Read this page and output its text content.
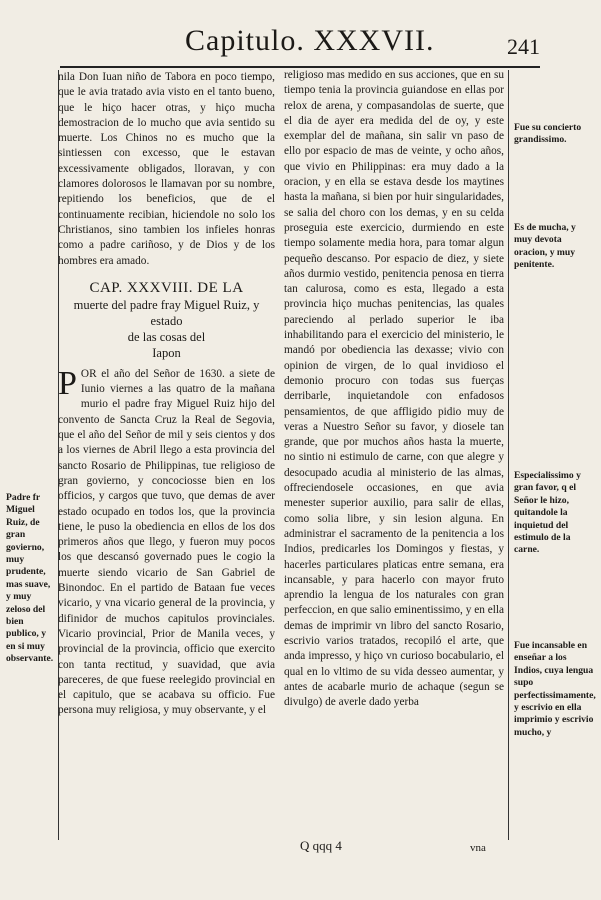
Capitulo. XXXVII.	241

nila Don Iuan niño de Tabora en poco tiempo, que le avia tratado avia visto en el tanto bueno, que le hiço hacer otras, y hiço mucha demostracion de lo mucho que avia sentido su muerte. Los Chinos no es mucho que la sintiessen con excesso, que le estavan excessivamente obligados, lloravan, y con clamores dolorosos le llamavan por su nombre, repitiendo los beneficios, que de el continuamente recibian, hiciendole no solo los Christianos, sino tambien los infieles honras como a padre cariñoso, y de Dios y de los hombres era amado.

CAP. XXXVIII. DE LA
muerte del padre fray Miguel Ruiz, y estado
de las cosas del
Iapon

POR el año del Señor de 1630. a siete de Iunio viernes a las quatro de la mañana murio el padre fray Miguel Ruiz hijo del convento de Sancta Cruz la Real de Segovia, que el año del Señor de mil y seis cientos y dos a los viernes de Abril llego a esta provincia del sancto Rosario de Philippinas, tue religioso de gran govierno, y concociosse bien en los officios, y cargos que tuvo, que demas de aver estado ocupado en todos los, que la provincia tiene, le puso la obediencia en ellos de los dos primeros años que llego, y fueron muy pocos los que descansó governado pues le cogio la muerte siendo vicario de San Gabriel de Binondoc. En el partido de Bataan fue veces vicario, y vna vicario general de la provincia, y difinidor de muchos capitulos provinciales. Vicario provincial, Prior de Manila veces, y provincial de la provincia, officio que exercito con tanta rectitud, y suavidad, que avia pareceres, de que fuese reelegido provincial en el capitulo, que se acabava su officio. Fue persona muy religiosa, y muy observante, y el

religioso mas medido en sus acciones, que en su tiempo tenia la provincia guiandose en ellas por relox de arena, y compasandolas de suerte, que el dia de ayer era medida del de oy, y este exemplar del de mañana, sin salir vn paso de ello por espacio de mas de veinte, y ocho años, que vivio en Philippinas: era muy dado a la oracion, y en ella se estava desde los maytines hasta la mañana, si bien por huir singularidades, se salia del choro con los demas, y en su celda proseguia este exercicio, durmiendo en este tiempo solamente media hora, para tomar algun pequeño descanso. Por espacio de diez, y siete años durmio vestido, penitencia penosa en tierra tan calurosa, como es esta, llegado a esta provincia hiço muchas penitencias, las quales pareciendo al perlado superior le iba inhabilitando para el exercicio del ministerio, le mandó por obediencia las dexasse; vivio con opinion de virgen, de lo qual invidioso el demonio procuro con todas sus fuerças derribarle, inquietandole con enfadosos pensamientos, de que affligido pidio muy de veras a Nuestro Señor su favor, y diosele tan grande, que por muchos años hasta la muerte, no sintio ni estimulo de carne, con que alegre y desocupado acudia al ministerio de las almas, offreciendosele occasiones, en que avia menester superior auxilio, para salir de ellas, como solia libre, y sin lesion alguna. En administrar el sacramento de la penitencia a los Indios, predicarles los Domingos y fiestas, y hacerles particulares platicas entre semana, era incansable, y para hacerlo con mayor fruto aprendio la lengua de los naturales con gran perfeccion, en que salio eminentissimo, y en ella demas de imprimir vn libro del sancto Rosario, escrivio varios tratados, recopiló el arte, que anda impresso, y hiço vn curioso bocabulario, el qual en lo vltimo de su vida desseo aumentar, y antes de acabarle murio de achaque (segun se divulgo) de averle dado yerba

Padre fr Miguel Ruiz, de gran govierno, muy prudente, mas suave, y muy zeloso del bien publico, y en si muy observante.
Fue su concierto grandissimo.
Es de mucha, y muy devota oracion, y muy penitente.
Especialissimo y gran favor, q el Señor le hizo, quitandole la inquietud del estimulo de la carne.
Fue incansable en enseñar a los Indios, cuya lengua supo perfectissimamente, y escrivio en ella imprimio y escrivio mucho, y
Q qqq 4	vna
